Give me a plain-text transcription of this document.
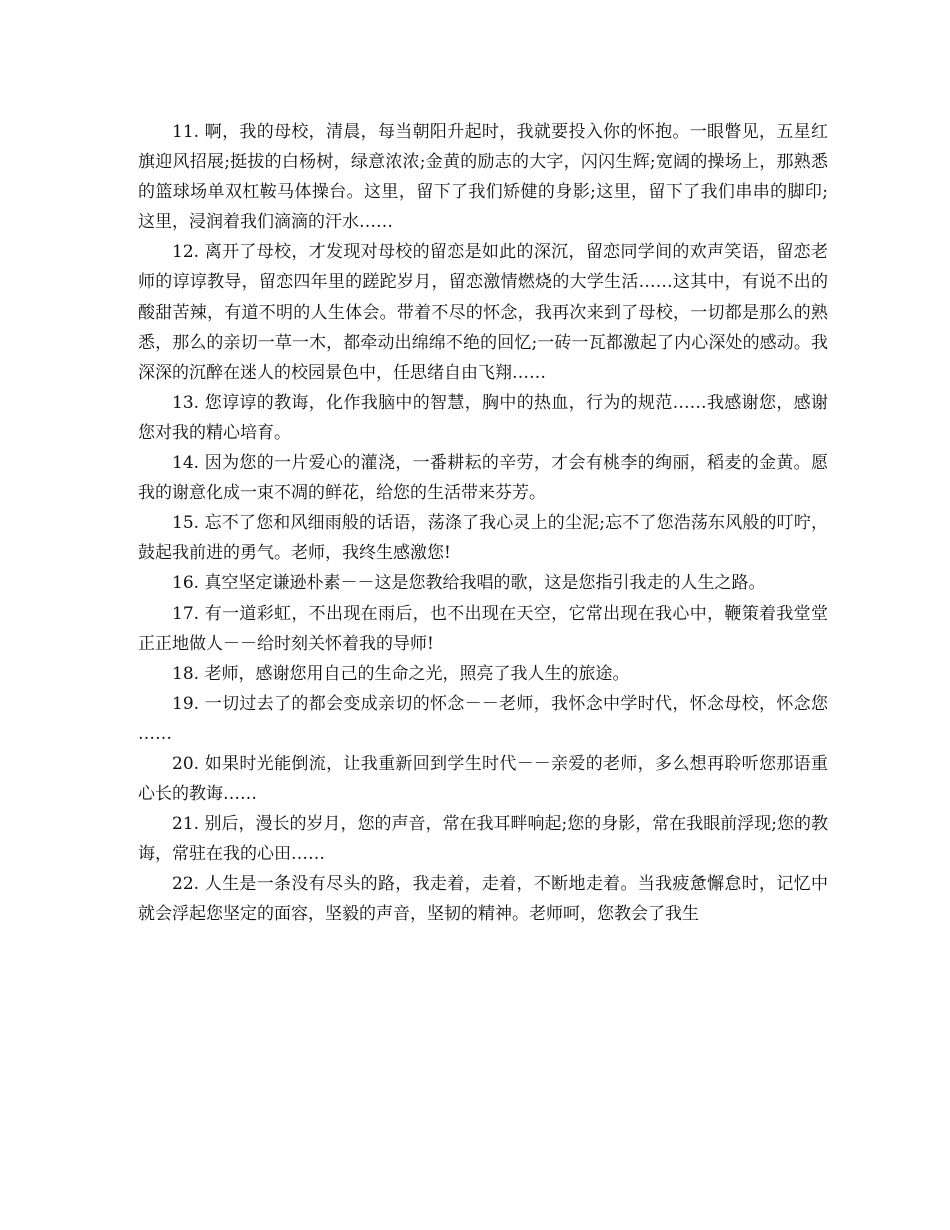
11. 啊，我的母校，清晨，每当朝阳升起时，我就要投入你的怀抱。一眼瞥见，五星红旗迎风招展;挺拔的白杨树，绿意浓浓;金黄的励志的大字，闪闪生辉;宽阔的操场上，那熟悉的篮球场单双杠鞍马体操台。这里，留下了我们矫健的身影;这里，留下了我们串串的脚印;这里，浸润着我们滴滴的汗水……

12. 离开了母校，才发现对母校的留恋是如此的深沉，留恋同学间的欢声笑语，留恋老师的谆谆教导，留恋四年里的蹉跎岁月，留恋激情燃烧的大学生活……这其中，有说不出的酸甜苦辣，有道不明的人生体会。带着不尽的怀念，我再次来到了母校，一切都是那么的熟悉，那么的亲切一草一木，都牵动出绵绵不绝的回忆;一砖一瓦都激起了内心深处的感动。我深深的沉醉在迷人的校园景色中，任思绪自由飞翔……

13. 您谆谆的教诲，化作我脑中的智慧，胸中的热血，行为的规范……我感谢您，感谢您对我的精心培育。

14. 因为您的一片爱心的灌浇，一番耕耘的辛劳，才会有桃李的绚丽，稻麦的金黄。愿我的谢意化成一束不凋的鲜花，给您的生活带来芬芳。

15. 忘不了您和风细雨般的话语，荡涤了我心灵上的尘泥;忘不了您浩荡东风般的叮咛，鼓起我前进的勇气。老师，我终生感激您!

16. 真空坚定谦逊朴素－－这是您教给我唱的歌，这是您指引我走的人生之路。

17. 有一道彩虹，不出现在雨后，也不出现在天空，它常出现在我心中，鞭策着我堂堂正正地做人－－给时刻关怀着我的导师!

18. 老师，感谢您用自己的生命之光，照亮了我人生的旅途。

19. 一切过去了的都会变成亲切的怀念－－老师，我怀念中学时代，怀念母校，怀念您……

20. 如果时光能倒流，让我重新回到学生时代－－亲爱的老师，多么想再聆听您那语重心长的教诲……

21. 别后，漫长的岁月，您的声音，常在我耳畔响起;您的身影，常在我眼前浮现;您的教诲，常驻在我的心田……

22. 人生是一条没有尽头的路，我走着，走着，不断地走着。当我疲惫懈怠时，记忆中就会浮起您坚定的面容，坚毅的声音，坚韧的精神。老师呵，您教会了我生
